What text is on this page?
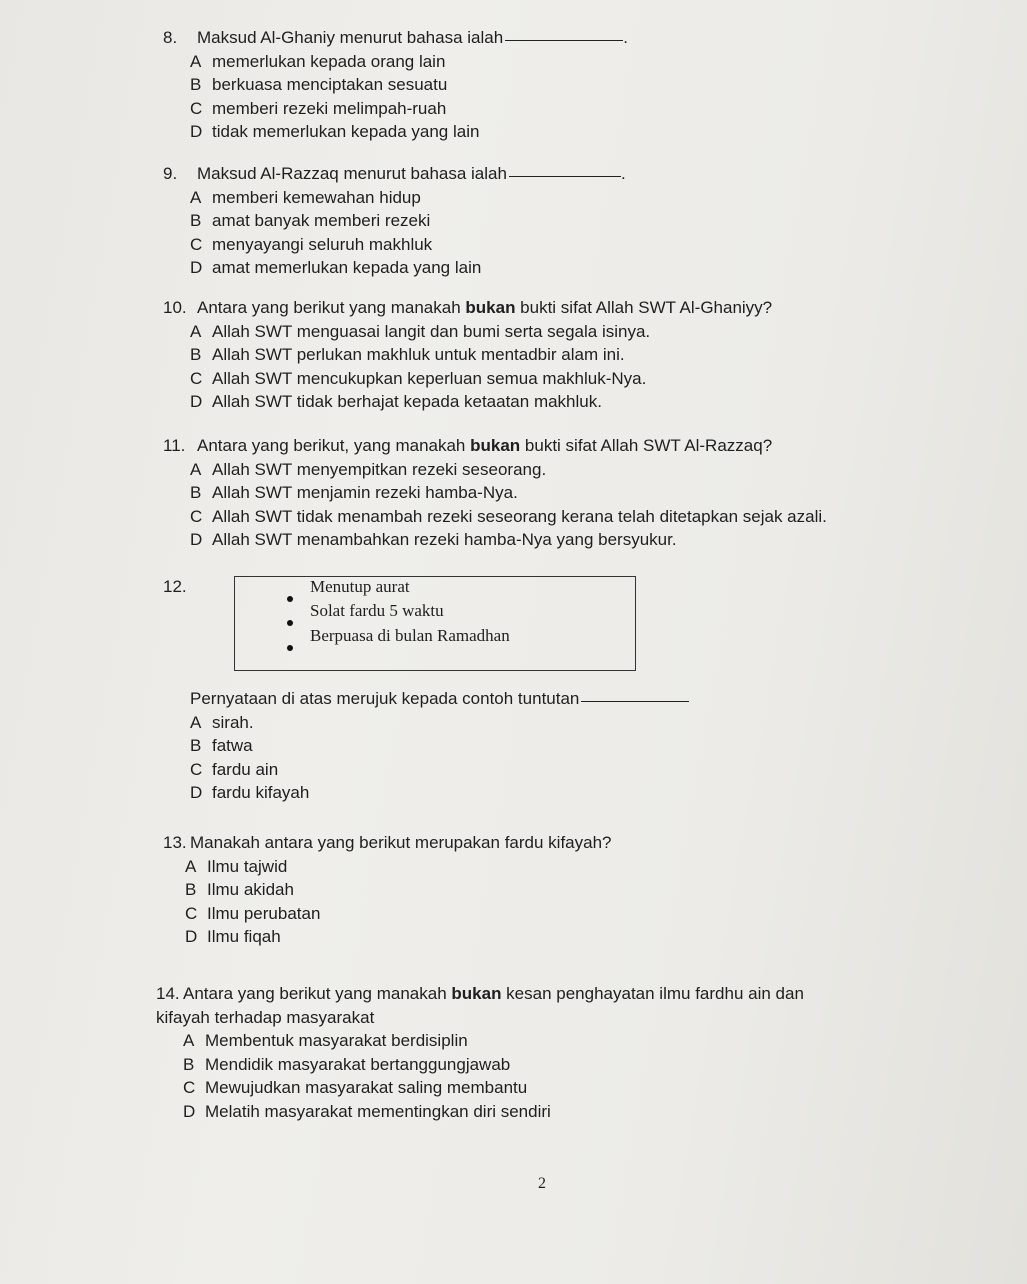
8.	Maksud Al-Ghaniy menurut bahasa ialah	.
A memerlukan kepada orang lain
B berkuasa menciptakan sesuatu
C memberi rezeki melimpah-ruah
D tidak memerlukan kepada yang lain
9.	Maksud Al-Razzaq menurut bahasa ialah	.
A memberi kemewahan hidup
B amat banyak memberi rezeki
C menyayangi seluruh makhluk
D amat memerlukan kepada yang lain
10. Antara yang berikut yang manakah bukan bukti sifat Allah SWT Al-Ghaniyy?
A Allah SWT menguasai langit dan bumi serta segala isinya.
B Allah SWT perlukan makhluk untuk mentadbir alam ini.
C Allah SWT mencukupkan keperluan semua makhluk-Nya.
D Allah SWT tidak berhajat kepada ketaatan makhluk.
11. Antara yang berikut, yang manakah bukan bukti sifat Allah SWT Al-Razzaq?
A Allah SWT menyempitkan rezeki seseorang.
B Allah SWT menjamin rezeki hamba-Nya.
C Allah SWT tidak menambah rezeki seseorang kerana telah ditetapkan sejak azali.
D Allah SWT menambahkan rezeki hamba-Nya yang bersyukur.
12.	Menutup aurat
Solat fardu 5 waktu
Berpuasa di bulan Ramadhan
Pernyataan di atas merujuk kepada contoh tuntutan
A sirah.
B fatwa
C fardu ain
D fardu kifayah
13. Manakah antara yang berikut merupakan fardu kifayah?
A Ilmu tajwid
B Ilmu akidah
C Ilmu perubatan
D Ilmu fiqah
14. Antara yang berikut yang manakah bukan kesan penghayatan ilmu fardhu ain dan
kifayah terhadap masyarakat
A Membentuk masyarakat berdisiplin
B Mendidik masyarakat bertanggungjawab
C Mewujudkan masyarakat saling membantu
D Melatih masyarakat mementingkan diri sendiri
2
